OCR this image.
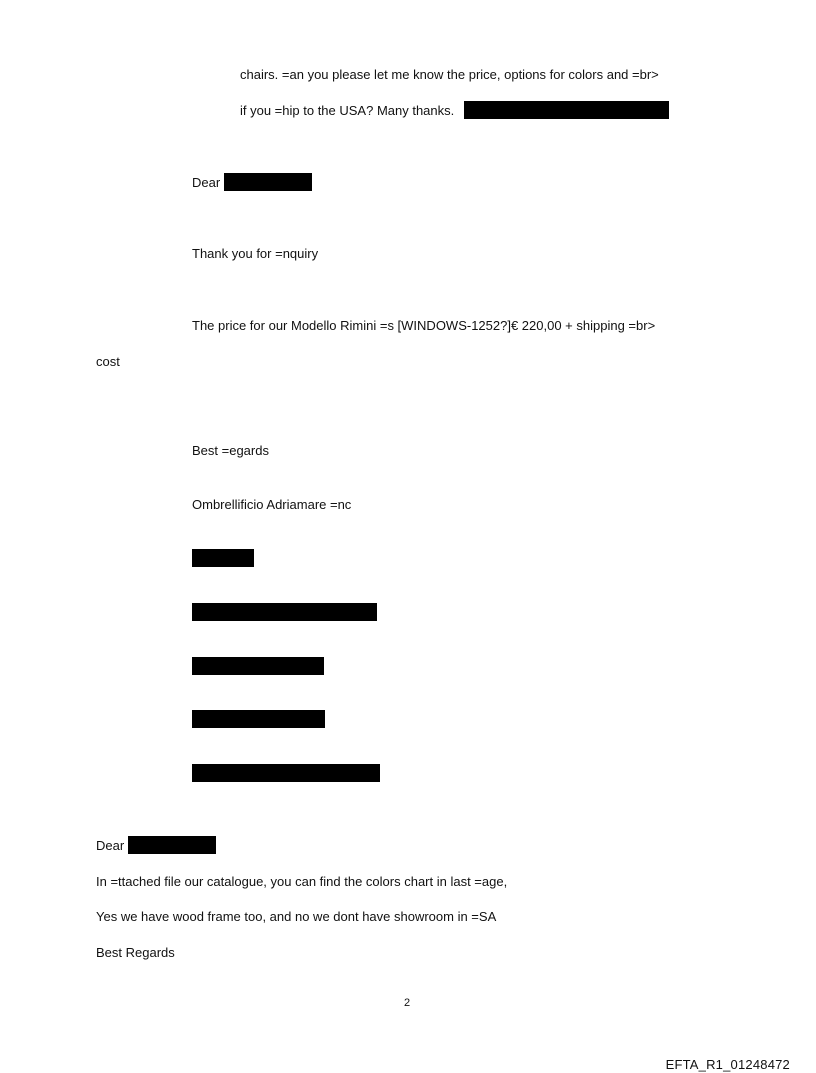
chairs. =an you please let me know the price, options for colors and =br>
if you =hip to the USA? Many thanks.
Dear
Thank you for =nquiry
The price for our Modello Rimini =s [WINDOWS-1252?]€ 220,00 + shipping =br>
cost
Best =egards
Ombrellificio Adriamare =nc
Dear
In =ttached file our catalogue, you can find the colors chart in last =age,
Yes we have wood frame too, and no we dont have showroom in =SA
Best Regards
2
EFTA_R1_01248472
